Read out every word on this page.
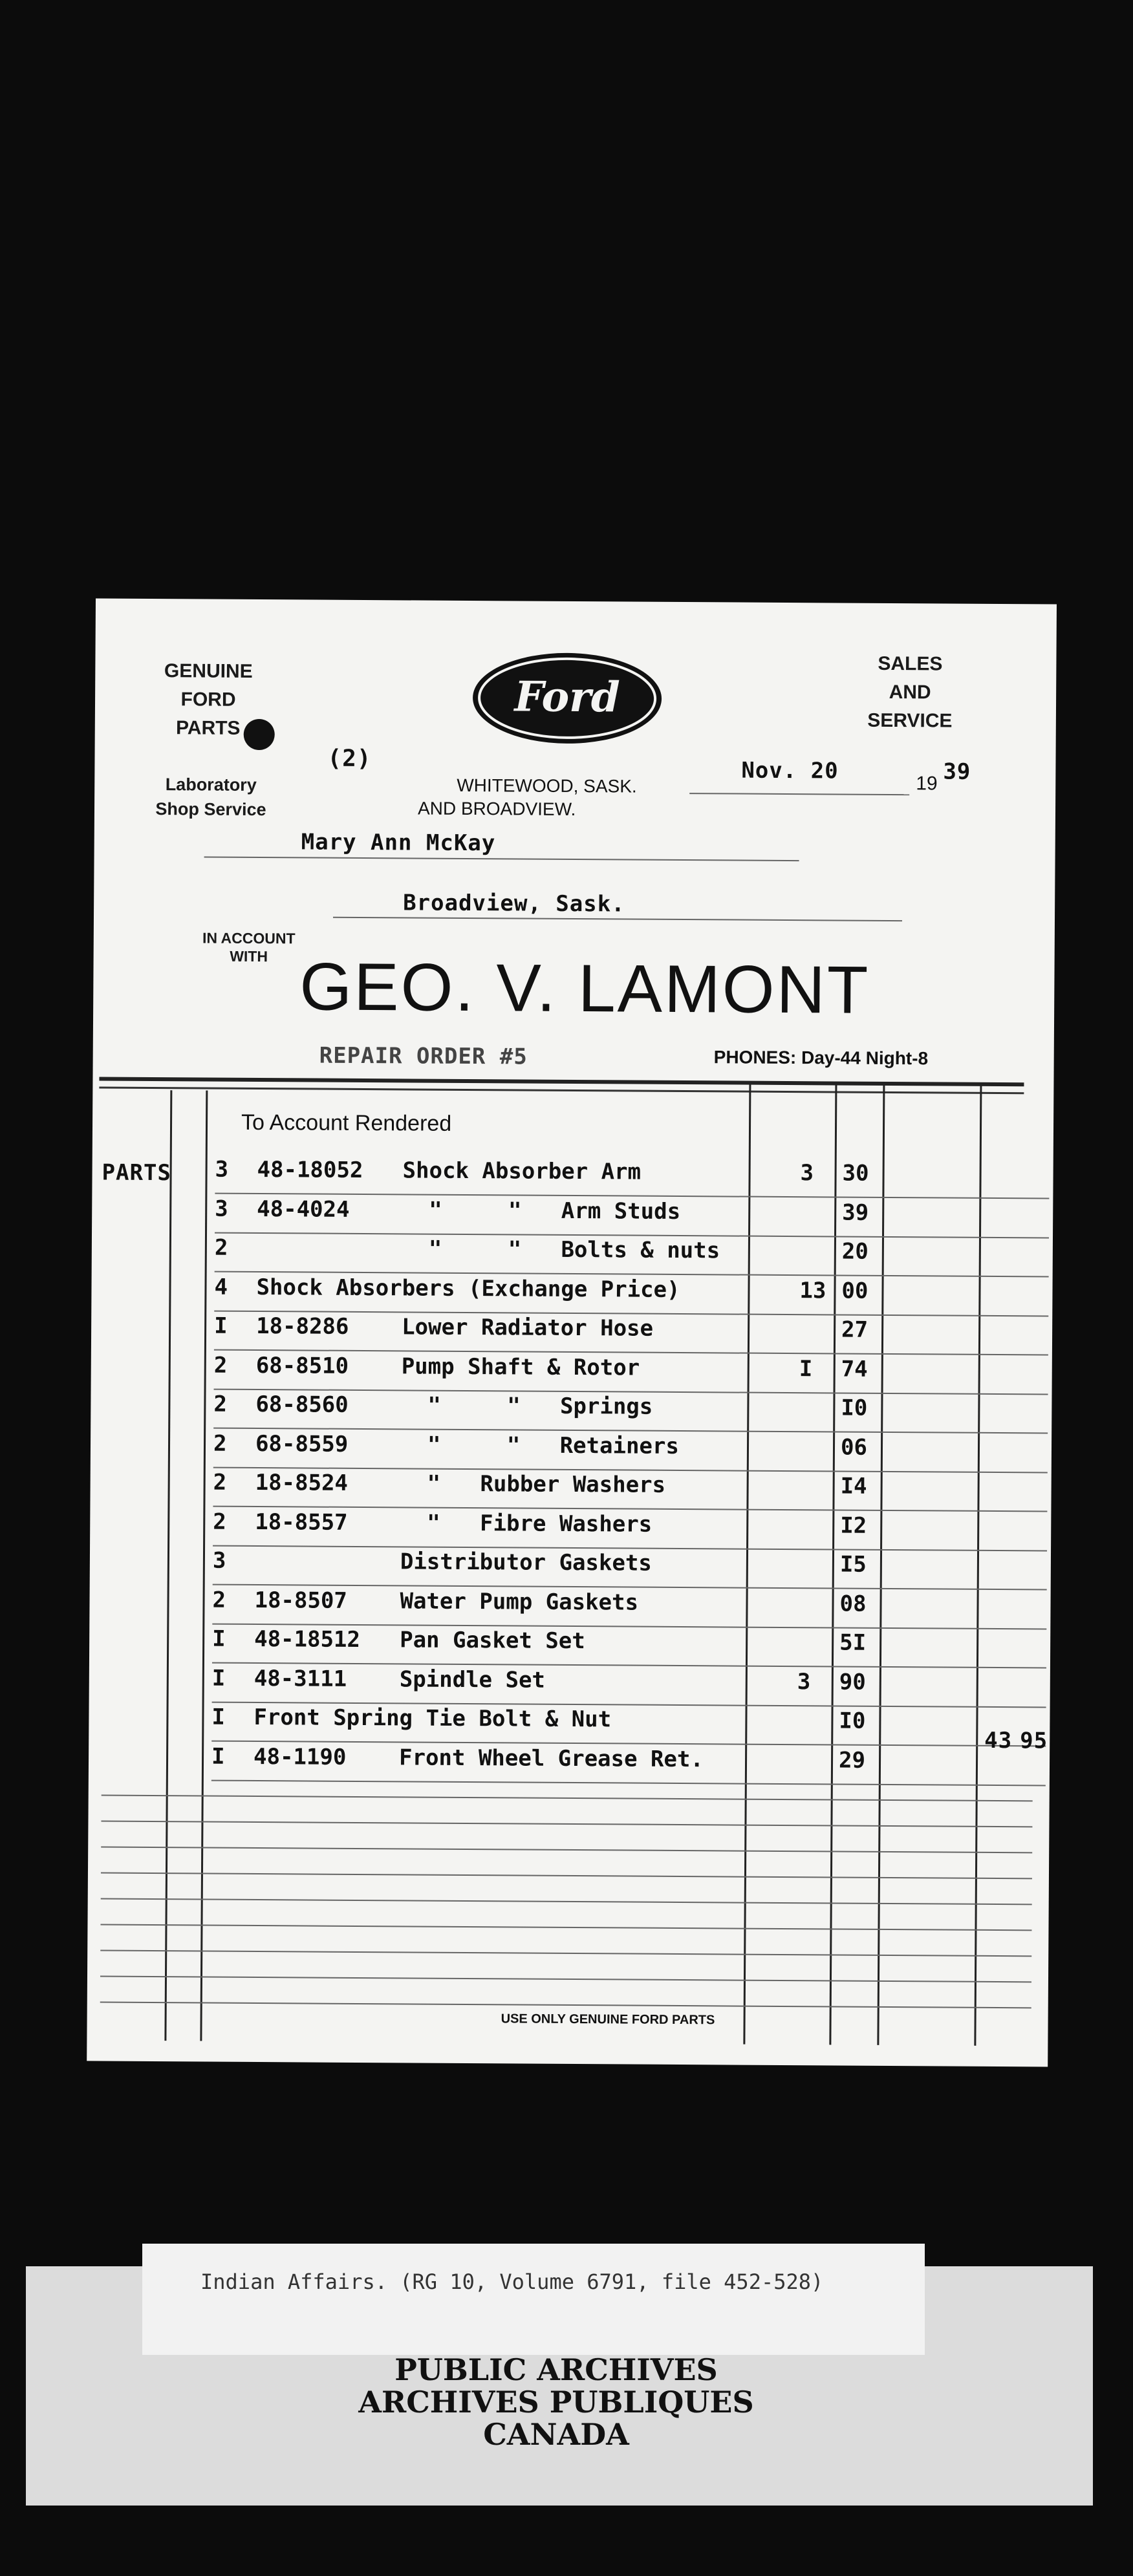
GENUINE
FORD
PARTS
Laboratory
Shop Service
Ford
SALES
AND
SERVICE
(2)
WHITEWOOD, SASK.
AND BROADVIEW.
Nov. 20	19 39
Mary Ann McKay
Broadview, Sask.
IN ACCOUNT
WITH GEO. V. LAMONT
REPAIR ORDER #5	PHONES: Day-44 Night-8
To Account Rendered
PARTS 3 48-18052 Shock Absorber Arm	3 30
3 48-4024 "     "   Arm Studs	39
2	"     "   Bolts & nuts	20
4 Shock Absorbers (Exchange Price)	13 00
I 18-8286 Lower Radiator Hose	27
2 68-8510 Pump Shaft & Rotor	I 74
2 68-8560 "     "   Springs	I0
2 68-8559 "     "   Retainers	06
2 18-8524 "   Rubber Washers	I4
2 18-8557 "   Fibre Washers	I2
3	Distributor Gaskets	I5
2 18-8507 Water Pump Gaskets	08
I 48-18512 Pan Gasket Set	5I
I 48-3111 Spindle Set	3 90
I Front Spring Tie Bolt & Nut	I0
I 48-1190 Front Wheel Grease Ret.	29
43 95
USE ONLY GENUINE FORD PARTS
Indian Affairs. (RG 10, Volume 6791, file 452-528)
PUBLIC ARCHIVES
ARCHIVES PUBLIQUES
CANADA
